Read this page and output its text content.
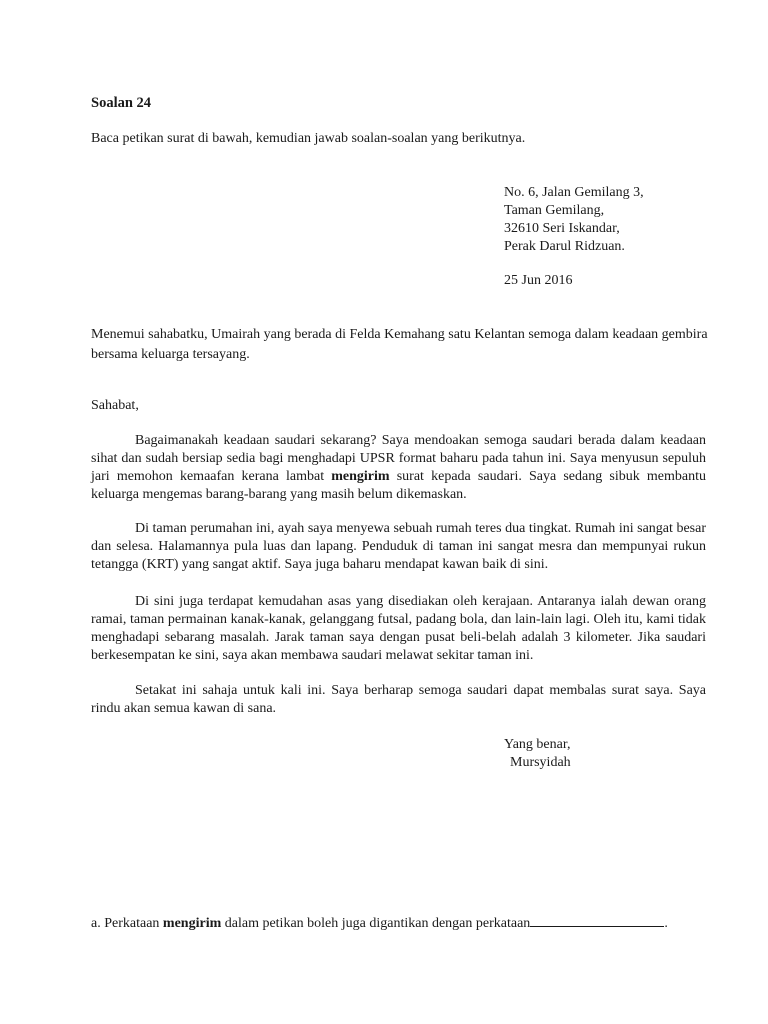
Soalan 24

Baca petikan surat di bawah, kemudian jawab soalan-soalan yang berikutnya.

No. 6, Jalan Gemilang 3,
Taman Gemilang,
32610 Seri Iskandar,
Perak Darul Ridzuan.

25 Jun 2016

Menemui sahabatku, Umairah yang berada di Felda Kemahang satu Kelantan semoga dalam keadaan gembira bersama keluarga tersayang.

Sahabat,

Bagaimanakah keadaan saudari sekarang? Saya mendoakan semoga saudari berada dalam keadaan sihat dan sudah bersiap sedia bagi menghadapi UPSR format baharu pada tahun ini. Saya menyusun sepuluh jari memohon kemaafan kerana lambat mengirim surat kepada saudari. Saya sedang sibuk membantu keluarga mengemas barang-barang yang masih belum dikemaskan.

Di taman perumahan ini, ayah saya menyewa sebuah rumah teres dua tingkat. Rumah ini sangat besar dan selesa. Halamannya pula luas dan lapang. Penduduk di taman ini sangat mesra dan mempunyai rukun tetangga (KRT) yang sangat aktif. Saya juga baharu mendapat kawan baik di sini.

Di sini juga terdapat kemudahan asas yang disediakan oleh kerajaan. Antaranya ialah dewan orang ramai, taman permainan kanak-kanak, gelanggang futsal, padang bola, dan lain-lain lagi. Oleh itu, kami tidak menghadapi sebarang masalah. Jarak taman saya dengan pusat beli-belah adalah 3 kilometer. Jika saudari berkesempatan ke sini, saya akan membawa saudari melawat sekitar taman ini.

Setakat ini sahaja untuk kali ini. Saya berharap semoga saudari dapat membalas surat saya. Saya rindu akan semua kawan di sana.

Yang benar,
Mursyidah

a. Perkataan mengirim dalam petikan boleh juga digantikan dengan perkataan	.
